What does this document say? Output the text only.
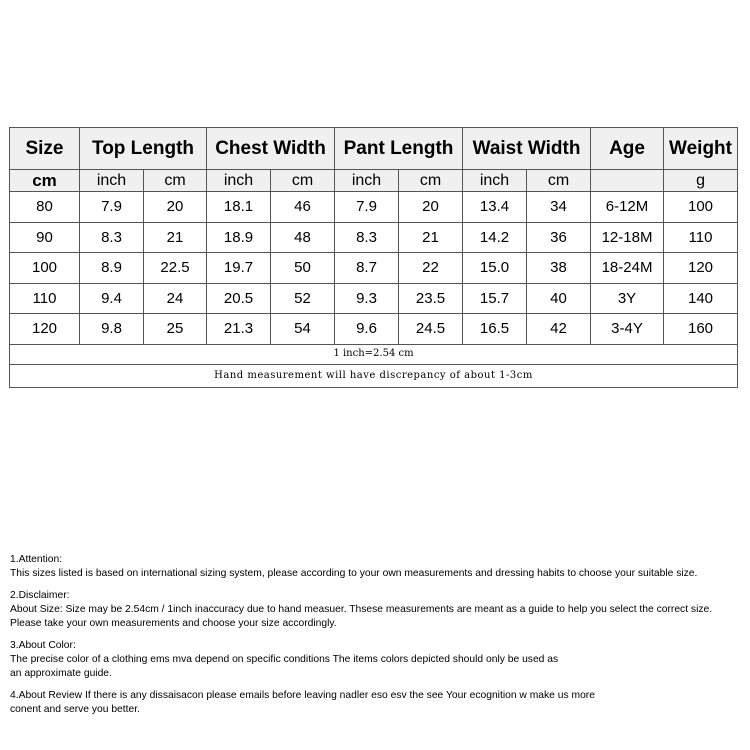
Size	Top Length		Chest Width		Pant Length		Waist Width		Age	Weight
cm	inch	cm	inch	cm	inch	cm	inch	cm		g
80	7.9	20	18.1	46	7.9	20	13.4	34	6-12M	100
90	8.3	21	18.9	48	8.3	21	14.2	36	12-18M	110
100	8.9	22.5	19.7	50	8.7	22	15.0	38	18-24M	120
110	9.4	24	20.5	52	9.3	23.5	15.7	40	3Y	140
120	9.8	25	21.3	54	9.6	24.5	16.5	42	3-4Y	160
1 inch=2.54 cm										
Hand measurement will have discrepancy of about 1-3cm										
1.Attention:
This sizes listed is based on international sizing system, please according to your own measurements and dressing habits to choose your suitable size.
2.Disclaimer:
About Size: Size may be 2.54cm / 1inch inaccuracy due to hand measuer. Thsese measurements are meant as a guide to help you select the correct size.
Please take your own measurements and choose your size accordingly.
3.About Color:
The precise color of a clothing ems mva depend on specific conditions The items colors depicted should only be used as
an approximate guide.
4.About Review If there is any dissaisacon please emails before leaving nadler eso esv the see Your ecognition w make us more
conent and serve you better.
